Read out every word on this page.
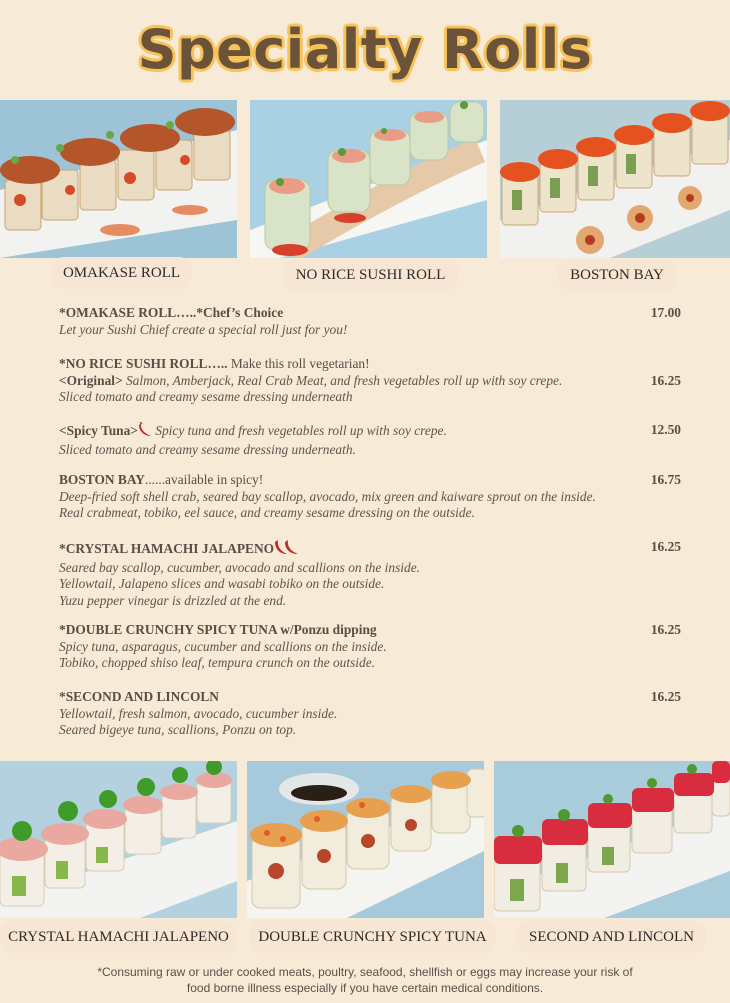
Specialty Rolls
OMAKASE ROLL	NO RICE SUSHI ROLL	BOSTON BAY
*OMAKASE ROLL…..*Chef’s Choice	17.00
Let your Sushi Chief create a special roll just for you!
*NO RICE SUSHI ROLL….. Make this roll vegetarian!
<Original> Salmon, Amberjack, Real Crab Meat, and fresh vegetables roll up with soy crepe.	16.25
Sliced tomato and creamy sesame dressing underneath
<Spicy Tuna> Spicy tuna and fresh vegetables roll up with soy crepe.	12.50
Sliced tomato and creamy sesame dressing underneath.
BOSTON BAY......available in spicy!	16.75
Deep-fried soft shell crab, seared bay scallop, avocado, mix green and kaiware sprout on the inside.
Real crabmeat, tobiko, eel sauce, and creamy sesame dressing on the outside.
*CRYSTAL HAMACHI JALAPENO	16.25
Seared bay scallop, cucumber, avocado and scallions on the inside.
Yellowtail, Jalapeno slices and wasabi tobiko on the outside.
Yuzu pepper vinegar is drizzled at the end.
*DOUBLE CRUNCHY SPICY TUNA w/Ponzu dipping	16.25
Spicy tuna, asparagus, cucumber and scallions on the inside.
Tobiko, chopped shiso leaf, tempura crunch on the outside.
*SECOND AND LINCOLN	16.25
Yellowtail, fresh salmon, avocado, cucumber inside.
Seared bigeye tuna, scallions, Ponzu on top.
CRYSTAL HAMACHI JALAPENO	DOUBLE CRUNCHY SPICY TUNA	SECOND AND LINCOLN
*Consuming raw or under cooked meats, poultry, seafood, shellfish or eggs may increase your risk of
food borne illness especially if you have certain medical conditions.
